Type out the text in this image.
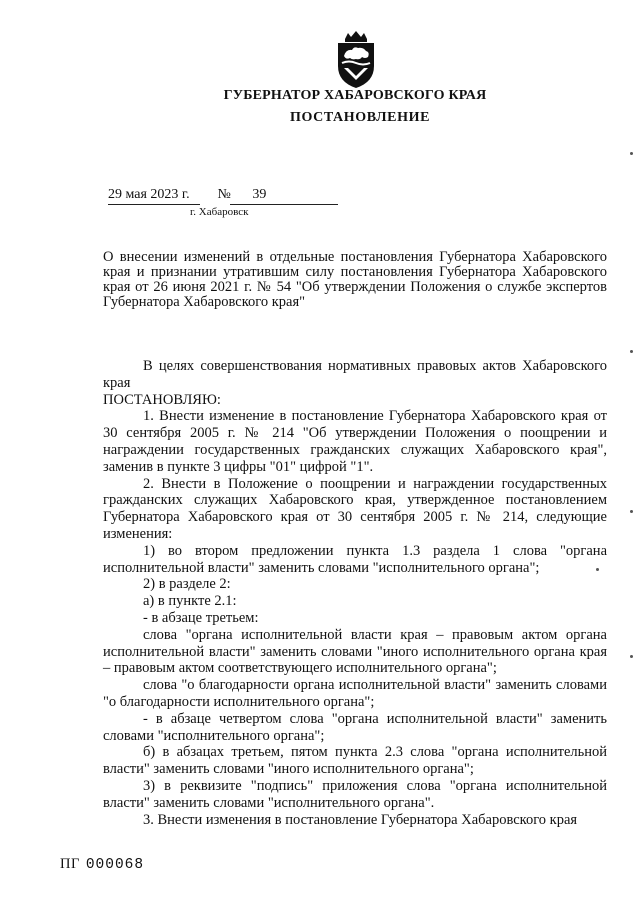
ГУБЕРНАТОР ХАБАРОВСКОГО КРАЯ
ПОСТАНОВЛЕНИЕ
29 мая 2023 г. № 39
г. Хабаровск
О внесении изменений в отдельные постановления Губернатора Хабаровского края и признании утратившим силу постановления Губернатора Хабаровского края от 26 июня 2021 г. № 54 "Об утверждении Положения о службе экспертов Губернатора Хабаровского края"

В целях совершенствования нормативных правовых актов Хабаровского края

ПОСТАНОВЛЯЮ:

1. Внести изменение в постановление Губернатора Хабаровского края от 30 сентября 2005 г. № 214 "Об утверждении Положения о поощрении и награждении государственных гражданских служащих Хабаровского края", заменив в пункте 3 цифры "01" цифрой "1".

2. Внести в Положение о поощрении и награждении государственных гражданских служащих Хабаровского края, утвержденное постановлением Губернатора Хабаровского края от 30 сентября 2005 г. № 214, следующие изменения:

1) во втором предложении пункта 1.3 раздела 1 слова "органа исполнительной власти" заменить словами "исполнительного органа";

2) в разделе 2:

а) в пункте 2.1:

- в абзаце третьем:

слова "органа исполнительной власти края – правовым актом органа исполнительной власти" заменить словами "иного исполнительного органа края – правовым актом соответствующего исполнительного органа";

слова "о благодарности органа исполнительной власти" заменить словами "о благодарности исполнительного органа";

- в абзаце четвертом слова "органа исполнительной власти" заменить словами "исполнительного органа";

б) в абзацах третьем, пятом пункта 2.3 слова "органа исполнительной власти" заменить словами "иного исполнительного органа";

3) в реквизите "подпись" приложения слова "органа исполнительной власти" заменить словами "исполнительного органа".

3. Внести изменения в постановление Губернатора Хабаровского края

ПГ 000068
